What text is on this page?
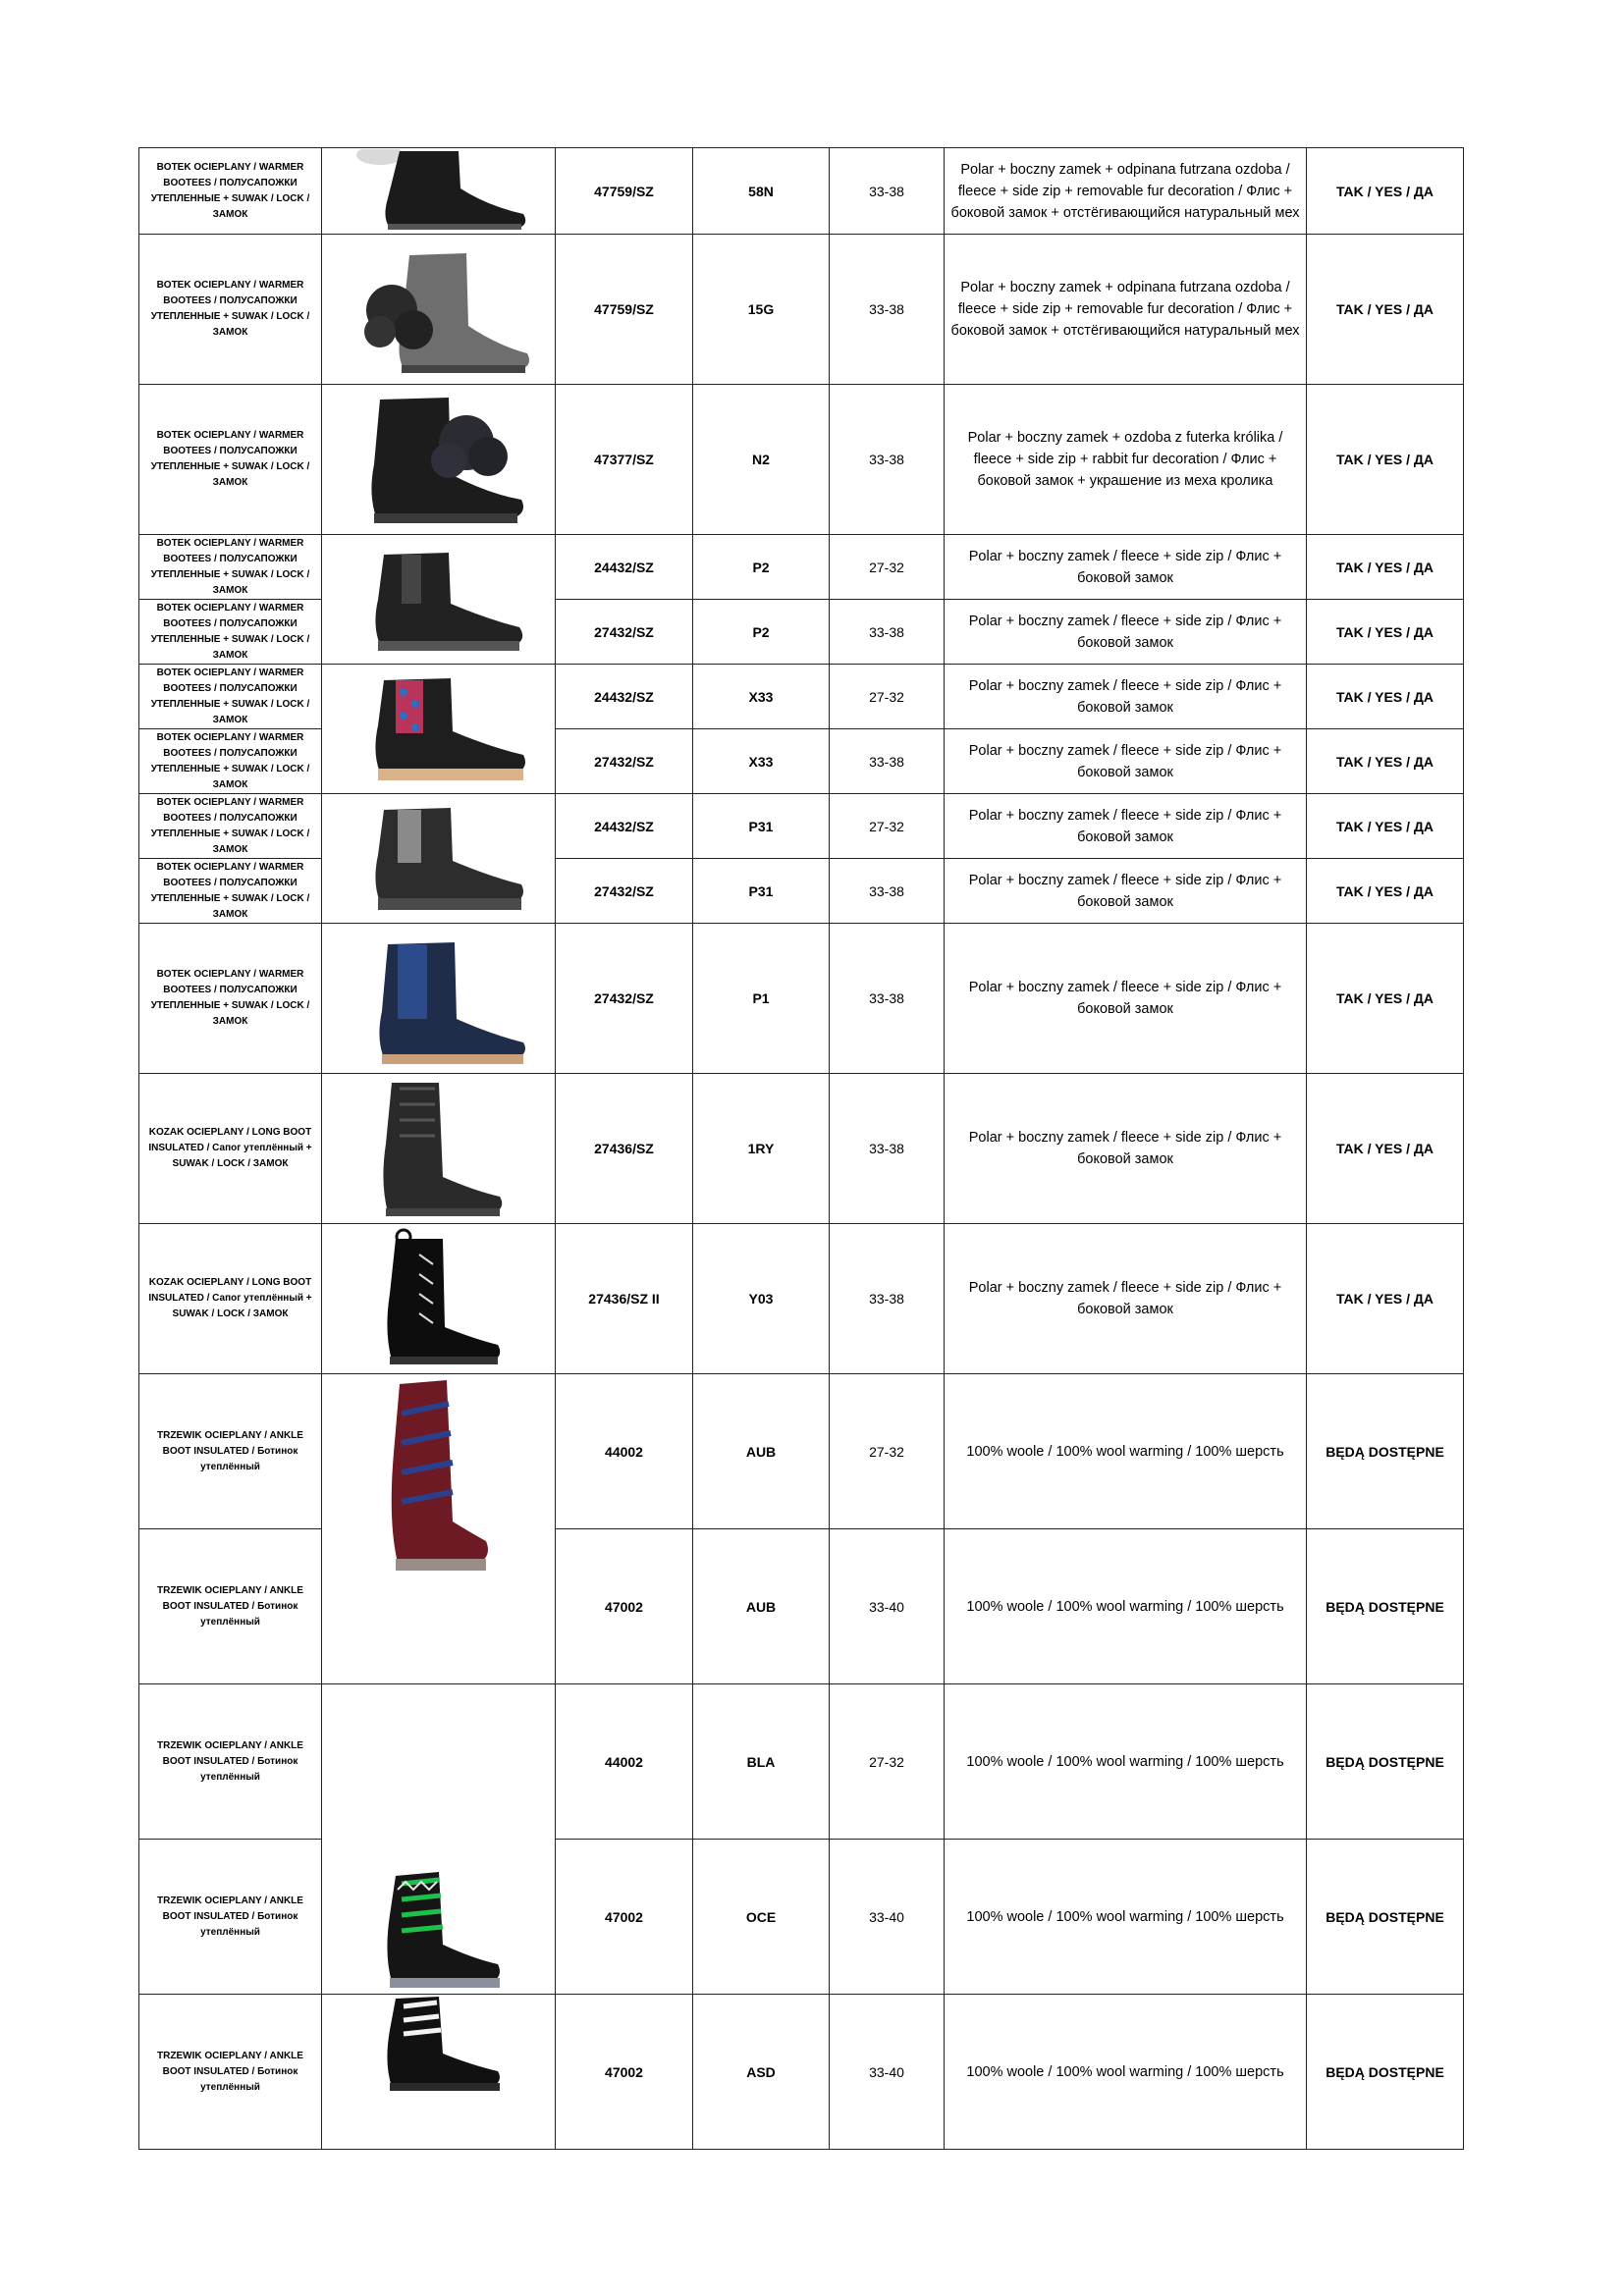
BOTEK OCIEPLANY / WARMER BOOTEES / ПОЛУСАПОЖКИ УТЕПЛЕННЫЕ + SUWAK / LOCK / ЗАМОК		47759/SZ	58N	33-38	Polar + boczny zamek + odpinana futrzana ozdoba / fleece + side zip + removable fur decoration / Флис + боковой замок + отстёгивающийся натуральный мех	TAK / YES / ДА
BOTEK OCIEPLANY / WARMER BOOTEES / ПОЛУСАПОЖКИ УТЕПЛЕННЫЕ + SUWAK / LOCK / ЗАМОК		47759/SZ	15G	33-38	Polar + boczny zamek + odpinana futrzana ozdoba / fleece + side zip + removable fur decoration / Флис + боковой замок + отстёгивающийся натуральный мех	TAK / YES / ДА
BOTEK OCIEPLANY / WARMER BOOTEES / ПОЛУСАПОЖКИ УТЕПЛЕННЫЕ + SUWAK / LOCK / ЗАМОК		47377/SZ	N2	33-38	Polar + boczny zamek + ozdoba z futerka królika / fleece + side zip + rabbit fur decoration / Флис + боковой замок + украшение из меха кролика	TAK / YES / ДА
BOTEK OCIEPLANY / WARMER BOOTEES / ПОЛУСАПОЖКИ УТЕПЛЕННЫЕ + SUWAK / LOCK / ЗАМОК		24432/SZ	P2	27-32	Polar + boczny zamek / fleece + side zip / Флис + боковой замок	TAK / YES / ДА
BOTEK OCIEPLANY / WARMER BOOTEES / ПОЛУСАПОЖКИ УТЕПЛЕННЫЕ + SUWAK / LOCK / ЗАМОК		27432/SZ	P2	33-38	Polar + boczny zamek / fleece + side zip / Флис + боковой замок	TAK / YES / ДА
BOTEK OCIEPLANY / WARMER BOOTEES / ПОЛУСАПОЖКИ УТЕПЛЕННЫЕ + SUWAK / LOCK / ЗАМОК		24432/SZ	X33	27-32	Polar + boczny zamek / fleece + side zip / Флис + боковой замок	TAK / YES / ДА
BOTEK OCIEPLANY / WARMER BOOTEES / ПОЛУСАПОЖКИ УТЕПЛЕННЫЕ + SUWAK / LOCK / ЗАМОК		27432/SZ	X33	33-38	Polar + boczny zamek / fleece + side zip / Флис + боковой замок	TAK / YES / ДА
BOTEK OCIEPLANY / WARMER BOOTEES / ПОЛУСАПОЖКИ УТЕПЛЕННЫЕ + SUWAK / LOCK / ЗАМОК		24432/SZ	P31	27-32	Polar + boczny zamek / fleece + side zip / Флис + боковой замок	TAK / YES / ДА
BOTEK OCIEPLANY / WARMER BOOTEES / ПОЛУСАПОЖКИ УТЕПЛЕННЫЕ + SUWAK / LOCK / ЗАМОК		27432/SZ	P31	33-38	Polar + boczny zamek / fleece + side zip / Флис + боковой замок	TAK / YES / ДА
BOTEK OCIEPLANY / WARMER BOOTEES / ПОЛУСАПОЖКИ УТЕПЛЕННЫЕ + SUWAK / LOCK / ЗАМОК		27432/SZ	P1	33-38	Polar + boczny zamek / fleece + side zip / Флис + боковой замок	TAK / YES / ДА
KOZAK OCIEPLANY / LONG BOOT INSULATED / Сапог утеплённый + SUWAK / LOCK / ЗАМОК		27436/SZ	1RY	33-38	Polar + boczny zamek / fleece + side zip / Флис + боковой замок	TAK / YES / ДА
KOZAK OCIEPLANY / LONG BOOT INSULATED / Сапог утеплённый + SUWAK / LOCK / ЗАМОК		27436/SZ II	Y03	33-38	Polar + boczny zamek / fleece + side zip / Флис + боковой замок	TAK / YES / ДА
TRZEWIK OCIEPLANY / ANKLE BOOT INSULATED / Ботинок утеплённый		44002	AUB	27-32	100% woole / 100% wool warming / 100% шерсть	BĘDĄ DOSTĘPNE
TRZEWIK OCIEPLANY / ANKLE BOOT INSULATED / Ботинок утеплённый		47002	AUB	33-40	100% woole / 100% wool warming / 100% шерсть	BĘDĄ DOSTĘPNE
TRZEWIK OCIEPLANY / ANKLE BOOT INSULATED / Ботинок утеплённый		44002	BLA	27-32	100% woole / 100% wool warming / 100% шерсть	BĘDĄ DOSTĘPNE
TRZEWIK OCIEPLANY / ANKLE BOOT INSULATED / Ботинок утеплённый		47002	OCE	33-40	100% woole / 100% wool warming / 100% шерсть	BĘDĄ DOSTĘPNE
TRZEWIK OCIEPLANY / ANKLE BOOT INSULATED / Ботинок утеплённый		47002	ASD	33-40	100% woole / 100% wool warming / 100% шерсть	BĘDĄ DOSTĘPNE
